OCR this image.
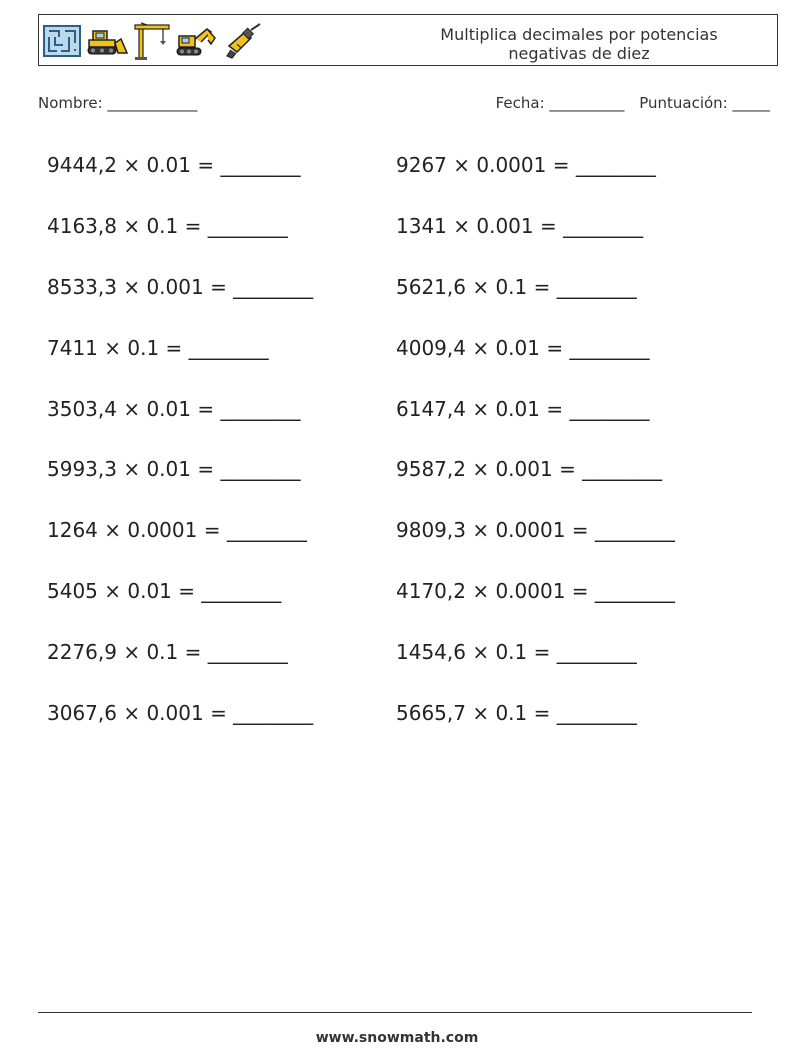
Multiplica decimales por potencias negativas de diez
Nombre: ____________	Fecha: __________ Puntuación: _____
9444,2 × 0.01 = ________	9267 × 0.0001 = ________
4163,8 × 0.1 = ________	1341 × 0.001 = ________
8533,3 × 0.001 = ________	5621,6 × 0.1 = ________
7411 × 0.1 = ________	4009,4 × 0.01 = ________
3503,4 × 0.01 = ________	6147,4 × 0.01 = ________
5993,3 × 0.01 = ________	9587,2 × 0.001 = ________
1264 × 0.0001 = ________	9809,3 × 0.0001 = ________
5405 × 0.01 = ________	4170,2 × 0.0001 = ________
2276,9 × 0.1 = ________	1454,6 × 0.1 = ________
3067,6 × 0.001 = ________	5665,7 × 0.1 = ________
www.snowmath.com
